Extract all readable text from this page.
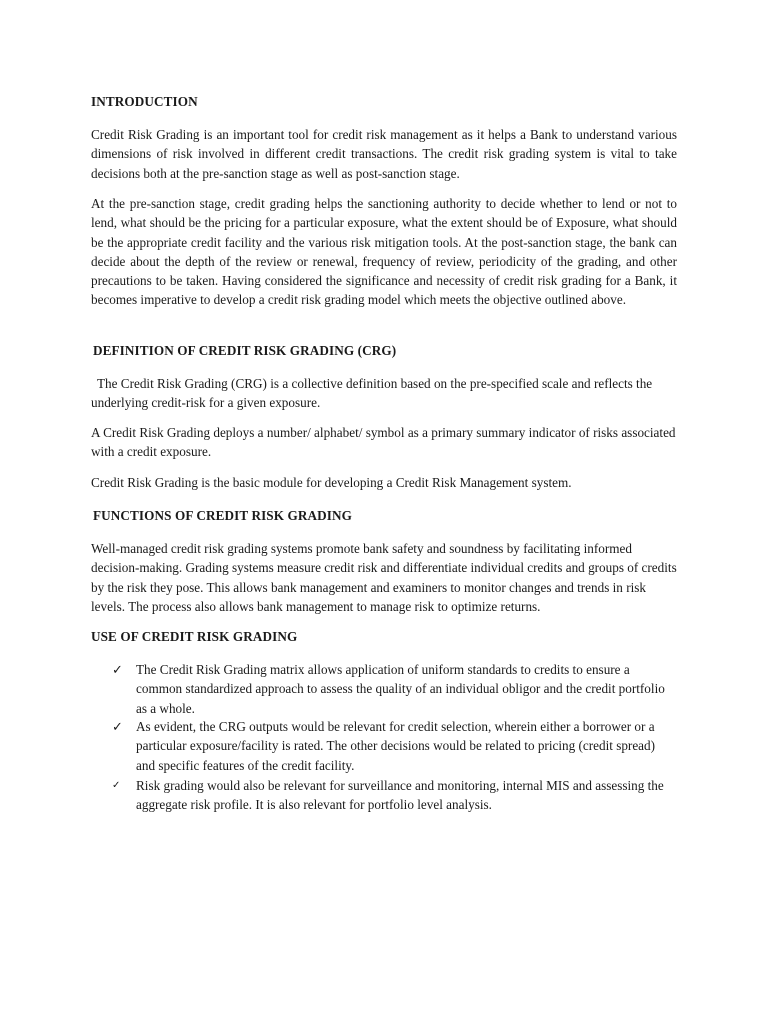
INTRODUCTION

Credit Risk Grading is an important tool for credit risk management as it helps a Bank to understand various dimensions of risk involved in different credit transactions. The credit risk grading system is vital to take decisions both at the pre-sanction stage as well as post-sanction stage.

At the pre-sanction stage, credit grading helps the sanctioning authority to decide whether to lend or not to lend, what should be the pricing for a particular exposure, what the extent should be of Exposure, what should be the appropriate credit facility and the various risk mitigation tools. At the post-sanction stage, the bank can decide about the depth of the review or renewal, frequency of review, periodicity of the grading, and other precautions to be taken. Having considered the significance and necessity of credit risk grading for a Bank, it becomes imperative to develop a credit risk grading model which meets the objective outlined above.

DEFINITION OF CREDIT RISK GRADING (CRG)

The Credit Risk Grading (CRG) is a collective definition based on the pre-specified scale and reflects the underlying credit-risk for a given exposure.

A Credit Risk Grading deploys a number/ alphabet/ symbol as a primary summary indicator of risks associated with a credit exposure.

Credit Risk Grading is the basic module for developing a Credit Risk Management system.

FUNCTIONS OF CREDIT RISK GRADING

Well-managed credit risk grading systems promote bank safety and soundness by facilitating informed decision-making. Grading systems measure credit risk and differentiate individual credits and groups of credits by the risk they pose. This allows bank management and examiners to monitor changes and trends in risk levels. The process also allows bank management to manage risk to optimize returns.

USE OF CREDIT RISK GRADING
✓ The Credit Risk Grading matrix allows application of uniform standards to credits to ensure a common standardized approach to assess the quality of an individual obligor and the credit portfolio as a whole.
✓ As evident, the CRG outputs would be relevant for credit selection, wherein either a borrower or a particular exposure/facility is rated. The other decisions would be related to pricing (credit spread) and specific features of the credit facility.
✓	Risk grading would also be relevant for surveillance and monitoring, internal MIS and assessing the aggregate risk profile. It is also relevant for portfolio level analysis.
